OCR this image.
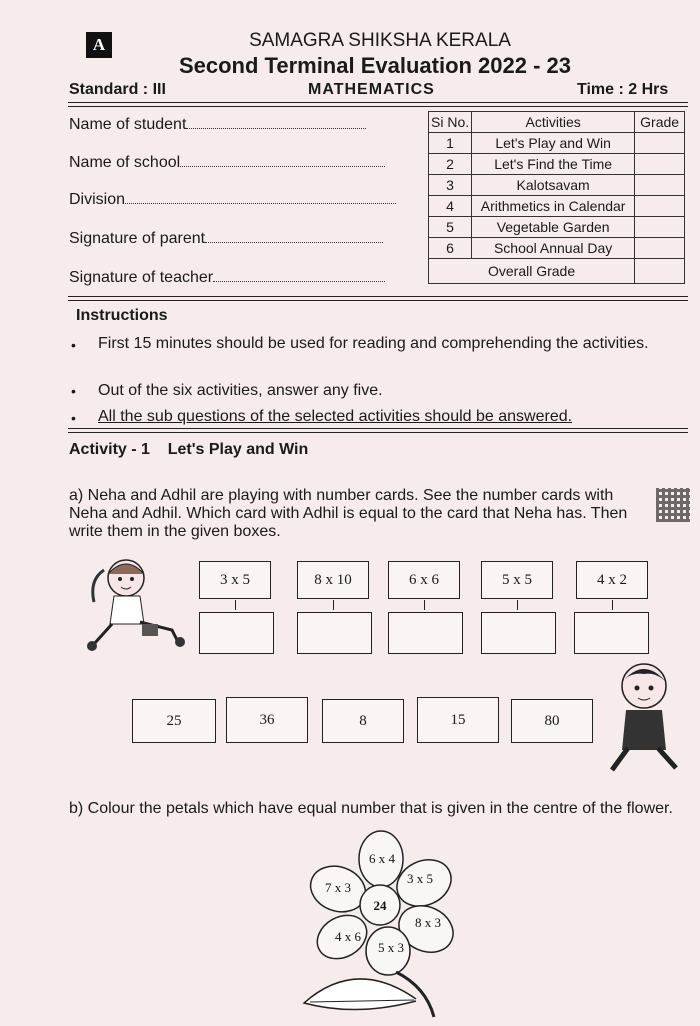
A	SAMAGRA SHIKSHA KERALA
Second Terminal Evaluation 2022 - 23
Standard : III	MATHEMATICS	Time : 2 Hrs
Name of student
Name of school
Division
Signature of parent
Signature of teacher
Si No.	Activities	Grade
1	Let's Play and Win	
2	Let's Find the Time	
3	Kalotsavam	
4	Arithmetics in Calendar	
5	Vegetable Garden	
6	School Annual Day	
Overall Grade		
Instructions
• First 15 minutes should be used for reading and comprehending the activities.
• Out of the six activities, answer any five.
• All the sub questions of the selected activities should be answered.
Activity - 1    Let's Play and Win
a) Neha and Adhil are playing with number cards. See the number cards with Neha and Adhil. Which card with Adhil is equal to the card that Neha has. Then write them in the given boxes.
3 x 5	8 x 10	6 x 6	5 x 5	4 x 2
25	36	8	15	80
b) Colour the petals which have equal number that is given in the centre of the flower.
24
6 x 4
3 x 5
8 x 3
5 x 3
4 x 6
7 x 3
